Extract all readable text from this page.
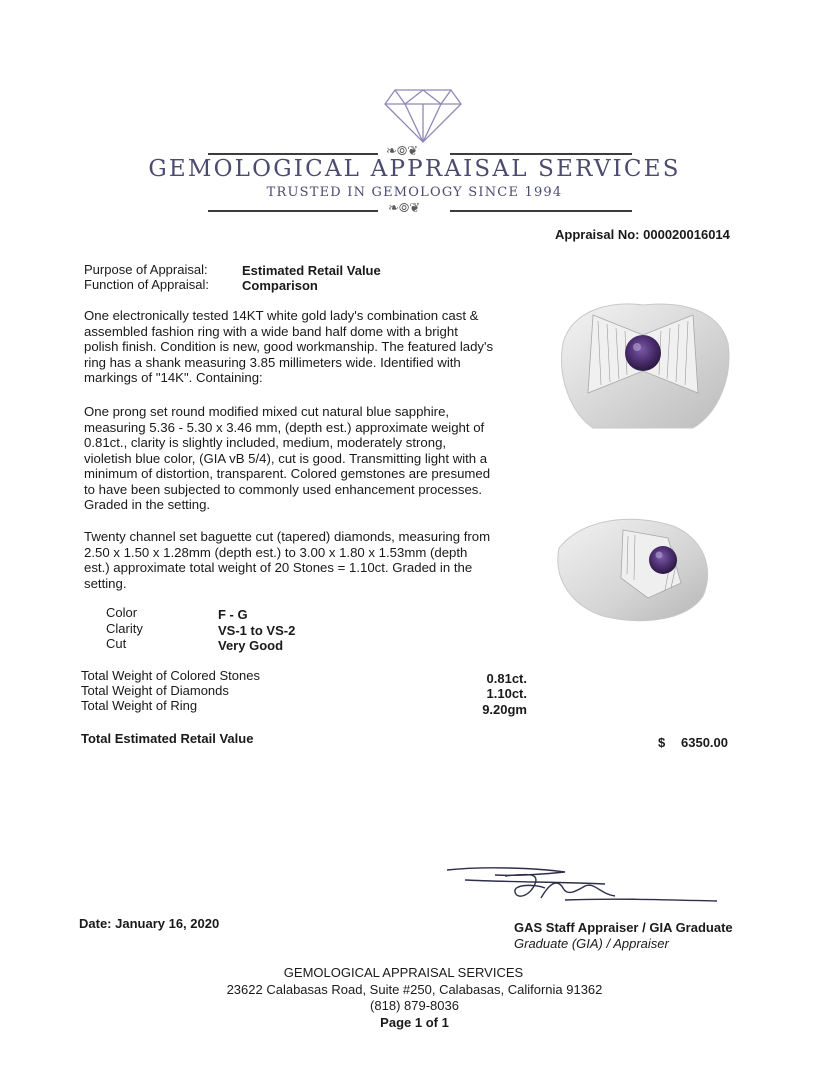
❧⦾❦
GEMOLOGICAL APPRAISAL SERVICES
TRUSTED IN GEMOLOGY SINCE 1994
❧⦾❦
Appraisal No: 000020016014
Purpose of Appraisal:	Estimated Retail Value
Function of Appraisal:	Comparison
One electronically tested 14KT white gold lady's combination cast & assembled fashion ring with a wide band half dome with a bright polish finish. Condition is new, good workmanship. The featured lady's ring has a shank measuring 3.85 millimeters wide. Identified with markings of "14K". Containing:
One prong set round modified mixed cut natural blue sapphire, measuring 5.36 - 5.30 x 3.46 mm, (depth est.) approximate weight of 0.81ct., clarity is slightly included, medium, moderately strong, violetish blue color, (GIA vB 5/4), cut is good. Transmitting light with a minimum of distortion, transparent. Colored gemstones are presumed to have been subjected to commonly used enhancement processes. Graded in the setting.
Twenty channel set baguette cut (tapered) diamonds, measuring from 2.50 x 1.50 x 1.28mm (depth est.) to 3.00 x 1.80 x 1.53mm (depth est.) approximate total weight of 20 Stones = 1.10ct. Graded in the setting.
Color	F - G
Clarity	VS-1 to VS-2
Cut	Very Good
Total Weight of Colored Stones	0.81ct.
Total Weight of Diamonds	1.10ct.
Total Weight of Ring	9.20gm
Total Estimated Retail Value	$ 6350.00
Date: January 16, 2020	GAS Staff Appraiser / GIA Graduate
Graduate (GIA) / Appraiser
GEMOLOGICAL APPRAISAL SERVICES
23622 Calabasas Road, Suite #250, Calabasas, California 91362
(818) 879-8036
Page 1 of 1
